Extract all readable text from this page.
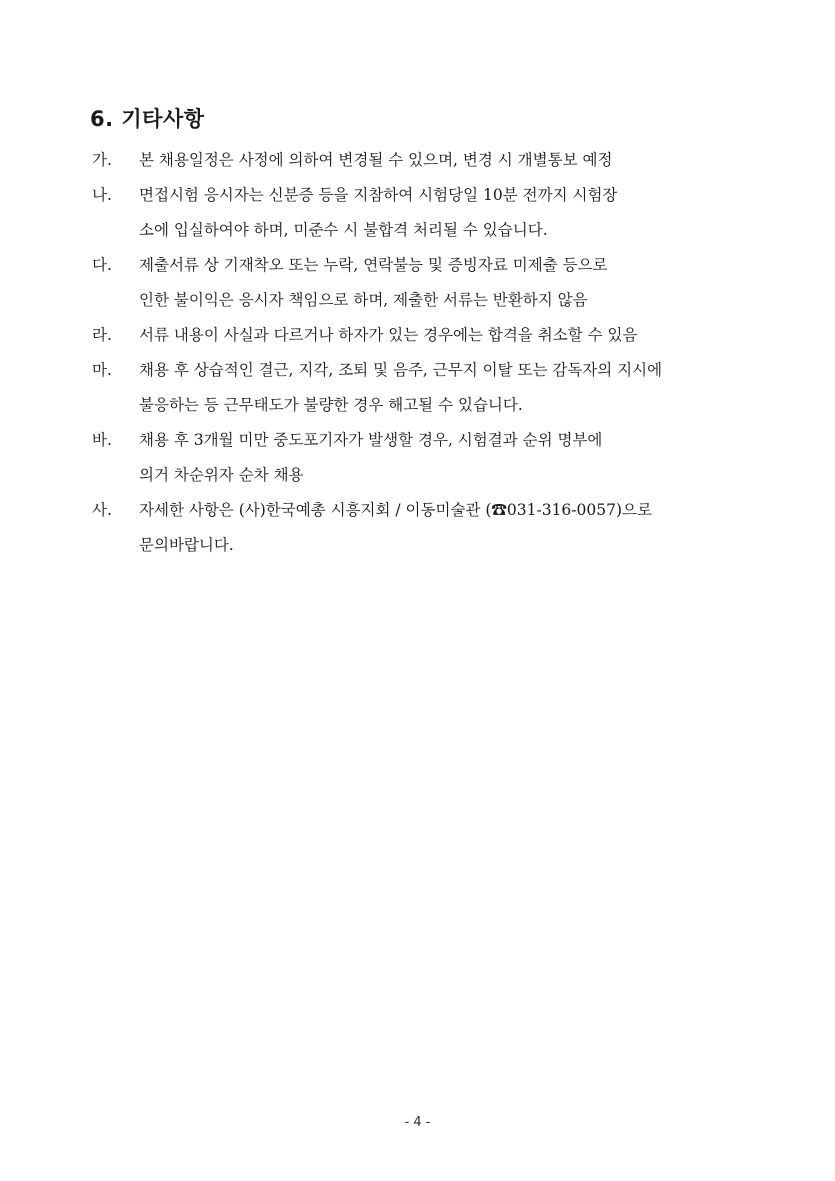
6. 기타사항
가. 본 채용일정은 사정에 의하여 변경될 수 있으며, 변경 시 개별통보 예정
나. 면접시험 응시자는 신분증 등을 지참하여 시험당일 10분 전까지 시험장
소에 입실하여야 하며, 미준수 시 불합격 처리될 수 있습니다.
다. 제출서류 상 기재착오 또는 누락, 연락불능 및 증빙자료 미제출 등으로
인한 불이익은 응시자 책임으로 하며, 제출한 서류는 반환하지 않음
라. 서류 내용이 사실과 다르거나 하자가 있는 경우에는 합격을 취소할 수 있음
마. 채용 후 상습적인 결근, 지각, 조퇴 및 음주, 근무지 이탈 또는 감독자의 지시에
불응하는 등 근무태도가 불량한 경우 해고될 수 있습니다.
바. 채용 후 3개월 미만 중도포기자가 발생할 경우, 시험결과 순위 명부에
의거 차순위자 순차 채용
사. 자세한 사항은 (사)한국예총 시흥지회 / 이동미술관 (☎031-316-0057)으로
문의바랍니다.
- 4 -
